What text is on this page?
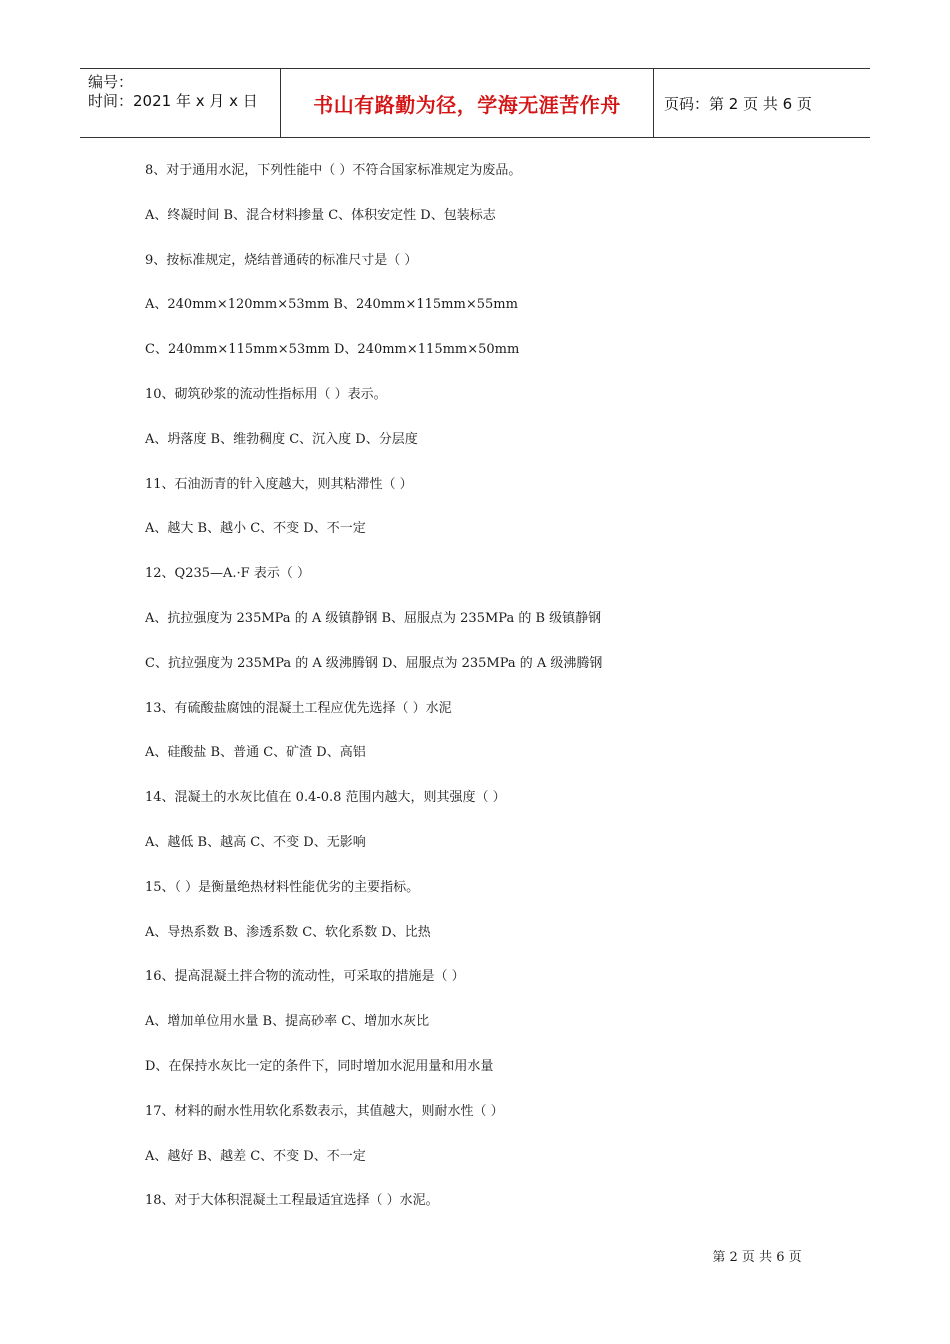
编号：
时间：2021 年 x 月 x 日	书山有路勤为径，学海无涯苦作舟	页码：第 2 页 共 6 页
8、对于通用水泥，下列性能中（ ）不符合国家标准规定为废品。
A、终凝时间 B、混合材料掺量 C、体积安定性 D、包装标志
9、按标准规定，烧结普通砖的标准尺寸是（ ）
A、240mm×120mm×53mm B、240mm×115mm×55mm
C、240mm×115mm×53mm D、240mm×115mm×50mm
10、砌筑砂浆的流动性指标用（ ）表示。
A、坍落度 B、维勃稠度 C、沉入度 D、分层度
11、石油沥青的针入度越大，则其粘滞性（ ）
A、越大 B、越小 C、不变 D、不一定
12、Q235—A.·F 表示（ ）
A、抗拉强度为 235MPa 的 A 级镇静钢 B、屈服点为 235MPa 的 B 级镇静钢
C、抗拉强度为 235MPa 的 A 级沸腾钢 D、屈服点为 235MPa 的 A 级沸腾钢
13、有硫酸盐腐蚀的混凝土工程应优先选择（ ）水泥
A、硅酸盐 B、普通 C、矿渣 D、高铝
14、混凝土的水灰比值在 0.4-0.8 范围内越大，则其强度（ ）
A、越低 B、越高 C、不变 D、无影响
15、（ ）是衡量绝热材料性能优劣的主要指标。
A、导热系数 B、渗透系数 C、软化系数 D、比热
16、提高混凝土拌合物的流动性，可采取的措施是（ ）
A、增加单位用水量 B、提高砂率 C、增加水灰比
D、在保持水灰比一定的条件下，同时增加水泥用量和用水量
17、材料的耐水性用软化系数表示，其值越大，则耐水性（ ）
A、越好 B、越差 C、不变 D、不一定
18、对于大体积混凝土工程最适宜选择（ ）水泥。
第 2 页 共 6 页
